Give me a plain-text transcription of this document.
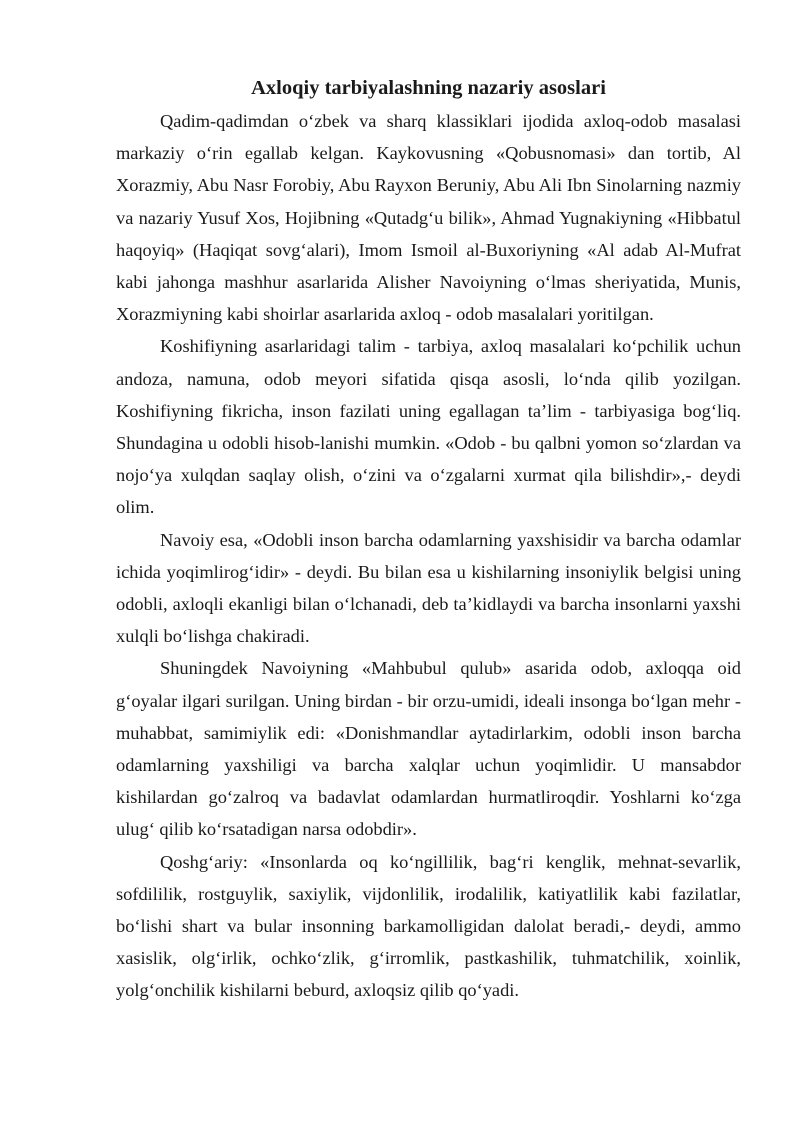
Axloqiy tarbiyalashning nazariy asoslari

Qadim-qadimdan o‘zbek va sharq klassiklari ijodida axloq-odob masalasi markaziy o‘rin egallab kelgan. Kaykovusning «Qobusnomasi» dan tortib, Al Xorazmiy, Abu Nasr Forobiy, Abu Rayxon Beruniy, Abu Ali Ibn Sinolarning nazmiy va nazariy Yusuf Xos, Hojibning «Qutadg‘u bilik», Ahmad Yugnakiyning «Hibbatul haqoyiq» (Haqiqat sovg‘alari), Imom Ismoil al-Buxoriyning «Al adab Al-Mufrat kabi jahonga mashhur asarlarida Alisher Navoiyning o‘lmas sheriyatida, Munis, Xorazmiyning kabi shoirlar asarlarida axloq - odob masalalari yoritilgan.

Koshifiyning asarlaridagi talim - tarbiya, axloq masalalari ko‘pchilik uchun andoza, namuna, odob meyori sifatida qisqa asosli, lo‘nda qilib yozilgan. Koshifiyning fikricha, inson fazilati uning egallagan ta’lim - tarbiyasiga bog‘liq. Shundagina u odobli hisob-lanishi mumkin. «Odob - bu qalbni yomon so‘zlardan va nojo‘ya xulqdan saqlay olish, o‘zini va o‘zgalarni xurmat qila bilishdir»,- deydi olim.

Navoiy esa, «Odobli inson barcha odamlarning yaxshisidir va barcha odamlar ichida yoqimlirog‘idir» - deydi. Bu bilan esa u kishilarning insoniylik belgisi uning odobli, axloqli ekanligi bilan o‘lchanadi, deb ta’kidlaydi va barcha insonlarni yaxshi xulqli bo‘lishga chakiradi.

Shuningdek Navoiyning «Mahbubul qulub» asarida odob, axloqqa oid g‘oyalar ilgari surilgan. Uning birdan - bir orzu-umidi, ideali insonga bo‘lgan mehr - muhabbat, samimiylik edi: «Donishmandlar aytadirlarkim, odobli inson barcha odamlarning yaxshiligi va barcha xalqlar uchun yoqimlidir. U mansabdor kishilardan go‘zalroq va badavlat odamlardan hurmatliroqdir. Yoshlarni ko‘zga ulug‘ qilib ko‘rsatadigan narsa odobdir».

Qoshg‘ariy: «Insonlarda oq ko‘ngillilik, bag‘ri kenglik, mehnat-sevarlik, sofdililik, rostguylik, saxiylik, vijdonlilik, irodalilik, katiyatlilik kabi fazilatlar, bo‘lishi shart va bular insonning barkamolligidan dalolat beradi,- deydi, ammo xasislik, olg‘irlik, ochko‘zlik, g‘irromlik, pastkashilik, tuhmatchilik, xoinlik, yolg‘onchilik kishilarni beburd, axloqsiz qilib qo‘yadi.
